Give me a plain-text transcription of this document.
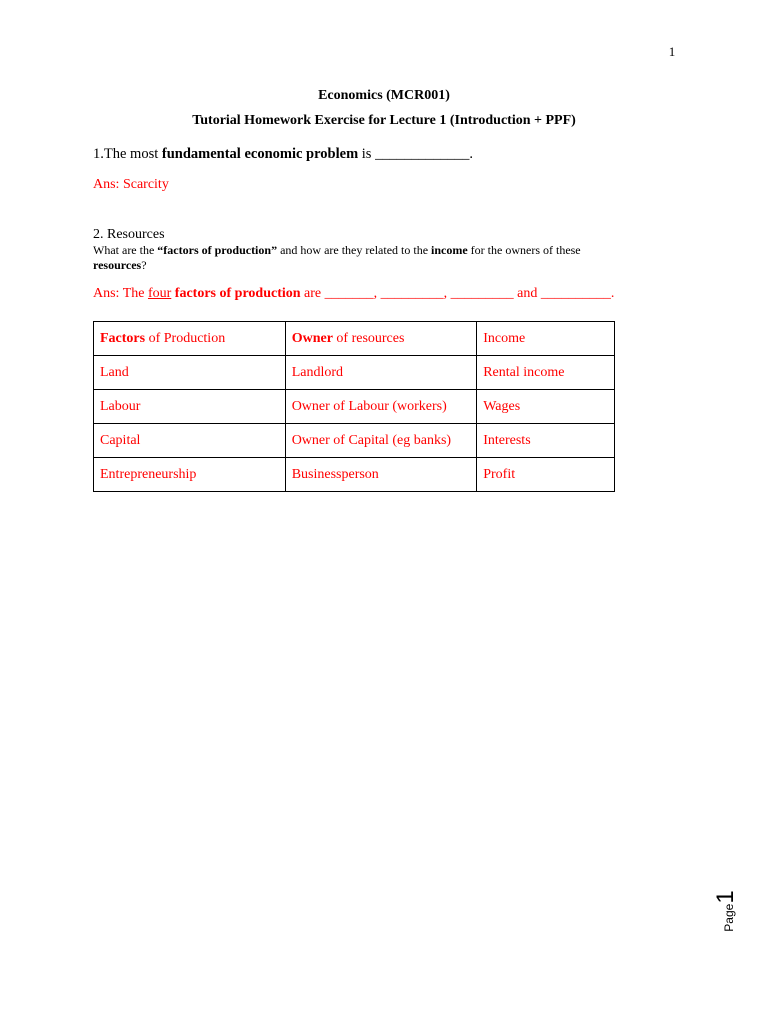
1
Economics (MCR001)
Tutorial Homework Exercise for Lecture 1 (Introduction + PPF)
1.The most fundamental economic problem is _____________.
Ans: Scarcity
2. Resources
What are the “factors of production” and how are they related to the income for the owners of these resources?
Ans: The four factors of production are _______, _________, _________ and __________.
Factors of Production	Owner of resources	Income
Land	Landlord	Rental income
Labour	Owner of Labour (workers)	Wages
Capital	Owner of Capital (eg banks)	Interests
Entrepreneurship	Businessperson	Profit
Page1
